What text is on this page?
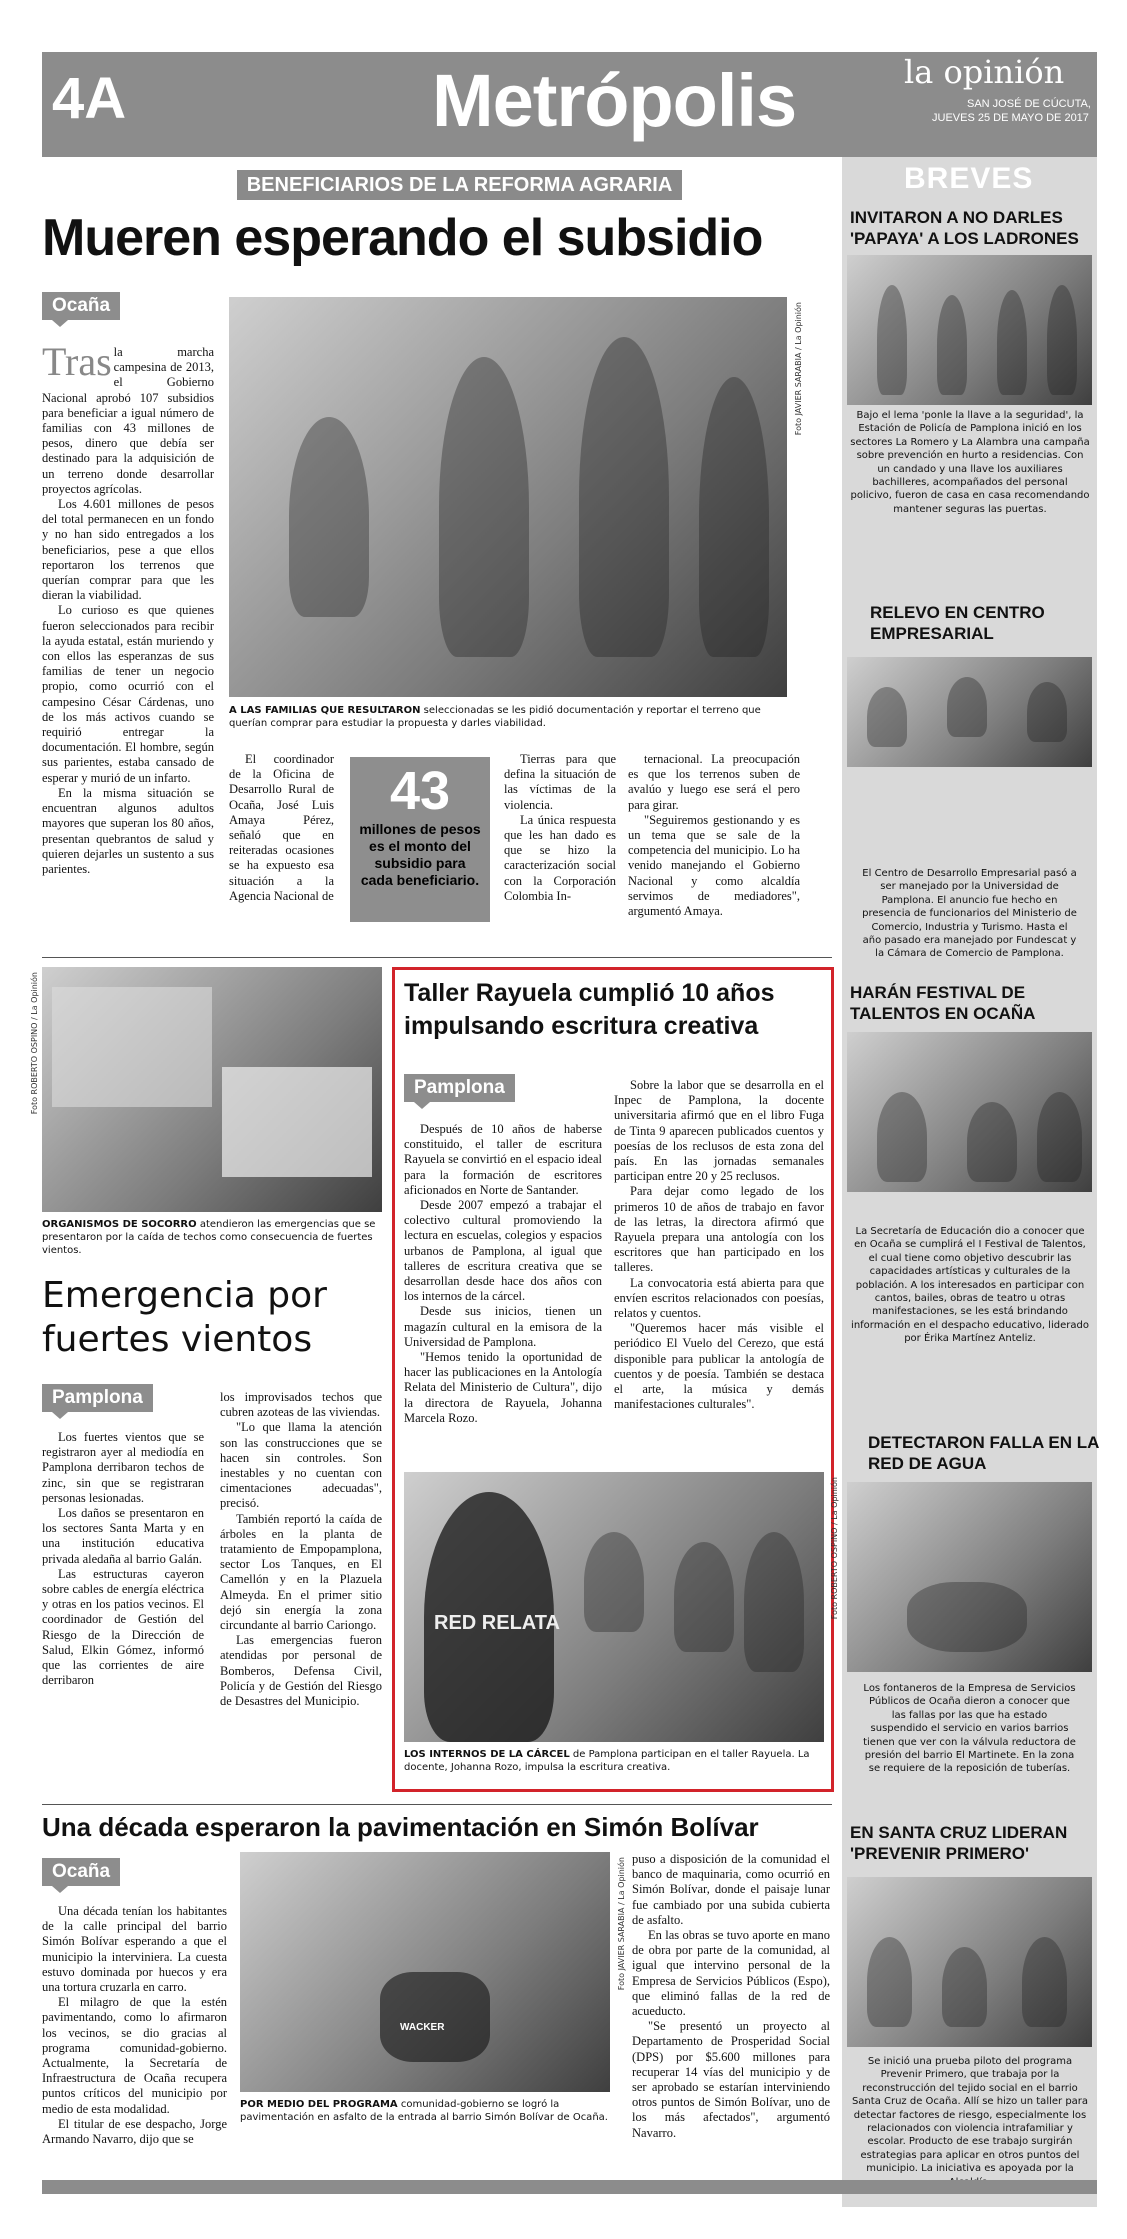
4A	Metrópolis	la opinión
SAN JOSÉ DE CÚCUTA,
JUEVES 25 DE MAYO DE 2017
BREVES
INVITARON A NO DARLES 'PAPAYA' A LOS LADRONES
Bajo el lema 'ponle la llave a la seguridad', la Estación de Policía de Pamplona inició en los sectores La Romero y La Alambra una campaña sobre prevención en hurto a residencias. Con un candado y una llave los auxiliares bachilleres, acompañados del personal policivo, fueron de casa en casa recomendando mantener seguras las puertas.
RELEVO EN CENTRO EMPRESARIAL
El Centro de Desarrollo Empresarial pasó a ser manejado por la Universidad de Pamplona. El anuncio fue hecho en presencia de funcionarios del Ministerio de Comercio, Industria y Turismo. Hasta el año pasado era manejado por Fundescat y la Cámara de Comercio de Pamplona.
HARÁN FESTIVAL DE TALENTOS EN OCAÑA
La Secretaría de Educación dio a conocer que en Ocaña se cumplirá el I Festival de Talentos, el cual tiene como objetivo descubrir las capacidades artísticas y culturales de la población. A los interesados en participar con cantos, bailes, obras de teatro u otras manifestaciones, se les está brindando información en el despacho educativo, liderado por Érika Martínez Anteliz.
DETECTARON FALLA EN LA RED DE AGUA
Los fontaneros de la Empresa de Servicios Públicos de Ocaña dieron a conocer que las fallas por las que ha estado suspendido el servicio en varios barrios tienen que ver con la válvula reductora de presión del barrio El Martinete. En la zona se requiere de la reposición de tuberías.
EN SANTA CRUZ LIDERAN 'PREVENIR PRIMERO'
Se inició una prueba piloto del programa Prevenir Primero, que trabaja por la reconstrucción del tejido social en el barrio Santa Cruz de Ocaña. Allí se hizo un taller para detectar factores de riesgo, especialmente los relacionados con violencia intrafamiliar y escolar. Producto de ese trabajo surgirán estrategias para aplicar en otros puntos del municipio. La iniciativa es apoyada por la
BENEFICIARIOS DE LA REFORMA AGRARIA
Mueren esperando el subsidio
Ocaña

Tras la marcha campesina de 2013, el Gobierno Nacional aprobó 107 subsidios para beneficiar a igual número de familias con 43 millones de pesos, dinero que debía ser destinado para la adquisición de un terreno donde desarrollar proyectos agrícolas.

Los 4.601 millones de pesos del total permanecen en un fondo y no han sido entregados a los beneficiarios, pese a que ellos reportaron los terrenos que querían comprar para que les dieran la viabilidad.

Lo curioso es que quienes fueron seleccionados para recibir la ayuda estatal, están muriendo y con ellos las esperanzas de sus familias de tener un negocio propio, como ocurrió con el campesino César Cárdenas, uno de los más activos cuando se requirió entregar la documentación. El hombre, según sus parientes, estaba cansado de esperar y murió de un infarto.

En la misma situación se encuentran algunos adultos mayores que superan los 80 años, presentan quebrantos de salud y quieren dejarles un sustento a sus parientes.

Foto JAVIER SARABIA / La Opinión
A LAS FAMILIAS QUE RESULTARON seleccionadas se les pidió documentación y reportar el terreno que querían comprar para estudiar la propuesta y darles viabilidad.

El coordinador de la Oficina de Desarrollo Rural de Ocaña, José Luis Amaya Pérez, señaló que en reiteradas ocasiones se ha expuesto esa situación a la Agencia Nacional de

43
millones de pesos es el monto del subsidio para cada beneficiario.

Tierras para que defina la situación de las víctimas de la violencia.

La única respuesta que les han dado es que se hizo la caracterización social con la Corporación Colombia In-

ternacional. La preocupación es que los terrenos suben de avalúo y luego ese será el pero para girar.

"Seguiremos gestionando y es un tema que se sale de la competencia del municipio. Lo ha venido manejando el Gobierno Nacional y como alcaldía servimos de mediadores", argumentó Amaya.

Foto ROBERTO OSPINO / La Opinión
ORGANISMOS DE SOCORRO atendieron las emergencias que se presentaron por la caída de techos como consecuencia de fuertes vientos.
Emergencia por fuertes vientos
Pamplona

Los fuertes vientos que se registraron ayer al mediodía en Pamplona derribaron techos de zinc, sin que se registraran personas lesionadas.

Los daños se presentaron en los sectores Santa Marta y en una institución educativa privada aledaña al barrio Galán.

Las estructuras cayeron sobre cables de energía eléctrica y otras en los patios vecinos. El coordinador de Gestión del Riesgo de la Dirección de Salud, Elkin Gómez, informó que las corrientes de aire derribaron

los improvisados techos que cubren azoteas de las viviendas.

"Lo que llama la atención son las construcciones que se hacen sin controles. Son inestables y no cuentan con cimentaciones adecuadas", precisó.

También reportó la caída de árboles en la planta de tratamiento de Empopamplona, sector Los Tanques, en El Camellón y en la Plazuela Almeyda. En el primer sitio dejó sin energía la zona circundante al barrio Cariongo.

Las emergencias fueron atendidas por personal de Bomberos, Defensa Civil, Policía y de Gestión del Riesgo de Desastres del Municipio.

Taller Rayuela cumplió 10 años impulsando escritura creativa
Pamplona

Después de 10 años de haberse constituido, el taller de escritura Rayuela se convirtió en el espacio ideal para la formación de escritores aficionados en Norte de Santander.

Desde 2007 empezó a trabajar el colectivo cultural promoviendo la lectura en escuelas, colegios y espacios urbanos de Pamplona, al igual que talleres de escritura creativa que se desarrollan desde hace dos años con los internos de la cárcel.

Desde sus inicios, tienen un magazín cultural en la emisora de la Universidad de Pamplona.

"Hemos tenido la oportunidad de hacer las publicaciones en la Antología Relata del Ministerio de Cultura", dijo la directora de Rayuela, Johanna Marcela Rozo.

Sobre la labor que se desarrolla en el Inpec de Pamplona, la docente universitaria afirmó que en el libro Fuga de Tinta 9 aparecen publicados cuentos y poesías de los reclusos de esta zona del país. En las jornadas semanales participan entre 20 y 25 reclusos.

Para dejar como legado de los primeros 10 de años de trabajo en favor de las letras, la directora afirmó que Rayuela prepara una antología con los escritores que han participado en los talleres.

La convocatoria está abierta para que envíen escritos relacionados con poesías, relatos y cuentos.

"Queremos hacer más visible el periódico El Vuelo del Cerezo, que está disponible para publicar la antología de cuentos y de poesía. También se destaca el arte, la música y demás manifestaciones culturales".

RED RELATA
Foto ROBERTO OSPINO / La Opinión
LOS INTERNOS DE LA CÁRCEL de Pamplona participan en el taller Rayuela. La docente, Johanna Rozo, impulsa la escritura creativa.
Una década esperaron la pavimentación en Simón Bolívar
Ocaña

Una década tenían los habitantes de la calle principal del barrio Simón Bolívar esperando a que el municipio la interviniera. La cuesta estuvo dominada por huecos y era una tortura cruzarla en carro.

El milagro de que la estén pavimentando, como lo afirmaron los vecinos, se dio gracias al programa comunidad-gobierno. Actualmente, la Secretaría de Infraestructura de Ocaña recupera puntos críticos del municipio por medio de esta modalidad.

El titular de ese despacho, Jorge Armando Navarro, dijo que se

WACKER
Foto JAVIER SARABIA / La Opinión
POR MEDIO DEL PROGRAMA comunidad-gobierno se logró la pavimentación en asfalto de la entrada al barrio Simón Bolívar de Ocaña.

puso a disposición de la comunidad el banco de maquinaria, como ocurrió en Simón Bolívar, donde el paisaje lunar fue cambiado por una subida cubierta de asfalto.

En las obras se tuvo aporte en mano de obra por parte de la comunidad, al igual que intervino personal de la Empresa de Servicios Públicos (Espo), que eliminó fallas de la red de acueducto.

"Se presentó un proyecto al Departamento de Prosperidad Social (DPS) por $5.600 millones para recuperar 14 vías del municipio y de ser aprobado se estarían interviniendo otros puntos de Simón Bolívar, uno de los más afectados", argumentó Navarro.
